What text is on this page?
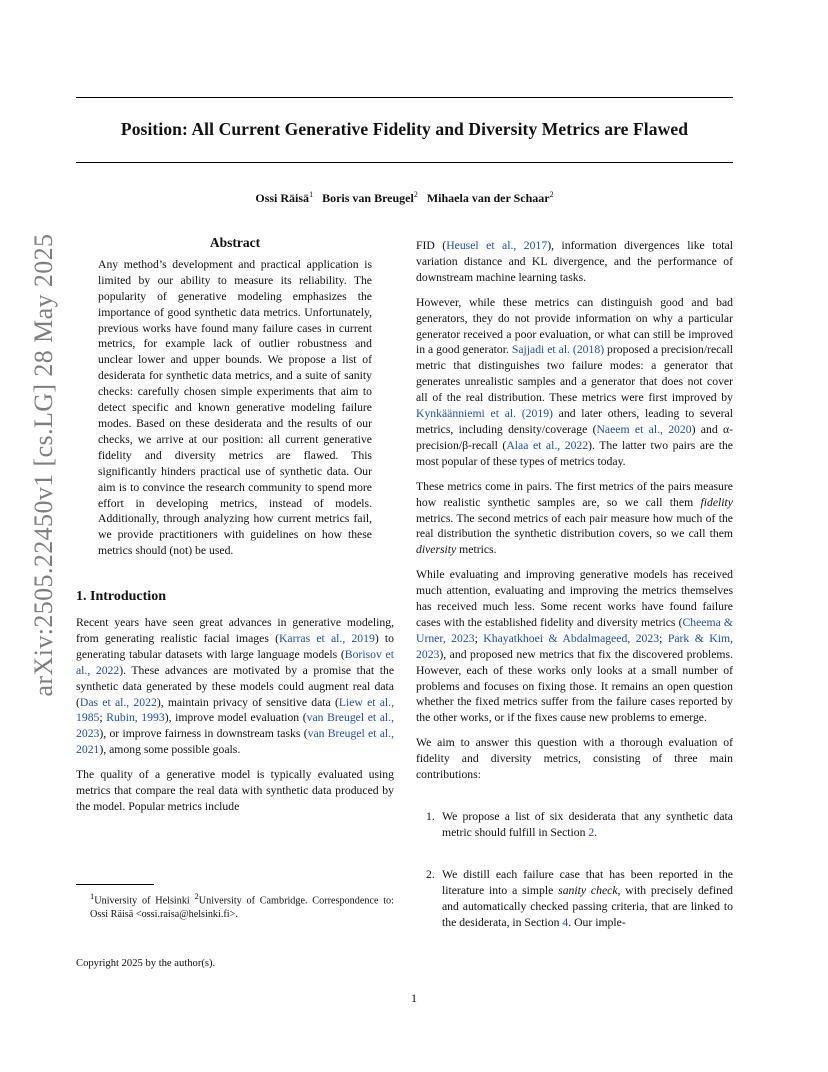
Position: All Current Generative Fidelity and Diversity Metrics are Flawed
Ossi Räisä$^1$ Boris van Breugel$^2$ Mihaela van der Schaar$^2$
arXiv:2505.22450v1 [cs.LG] 28 May 2025	Abstract
Any method’s development and practical application is limited by our ability to measure its reliability. The popularity of generative modeling emphasizes the importance of good synthetic data metrics. Unfortunately, previous works have found many failure cases in current metrics, for example lack of outlier robustness and unclear lower and upper bounds. We propose a list of desiderata for synthetic data metrics, and a suite of sanity checks: carefully chosen simple experiments that aim to detect specific and known generative modeling failure modes. Based on these desiderata and the results of our checks, we arrive at our position: all current generative fidelity and diversity metrics are flawed. This significantly hinders practical use of synthetic data. Our aim is to convince the research community to spend more effort in developing metrics, instead of models. Additionally, through analyzing how current metrics fail, we provide practitioners with guidelines on how these metrics should (not) be used.
1. Introduction

Recent years have seen great advances in generative modeling, from generating realistic facial images (Karras et al., 2019) to generating tabular datasets with large language models (Borisov et al., 2022). These advances are motivated by a promise that the synthetic data generated by these models could augment real data (Das et al., 2022), maintain privacy of sensitive data (Liew et al., 1985; Rubin, 1993), improve model evaluation (van Breugel et al., 2023), or improve fairness in downstream tasks (van Breugel et al., 2021), among some possible goals.

The quality of a generative model is typically evaluated using metrics that compare the real data with synthetic data produced by the model. Popular metrics include

$^1$University of Helsinki $^2$University of Cambridge. Correspondence to: Ossi Räisä <ossi.raisa@helsinki.fi>.
Copyright 2025 by the author(s).

FID (Heusel et al., 2017), information divergences like total variation distance and KL divergence, and the performance of downstream machine learning tasks.

However, while these metrics can distinguish good and bad generators, they do not provide information on why a particular generator received a poor evaluation, or what can still be improved in a good generator. Sajjadi et al. (2018) proposed a precision/recall metric that distinguishes two failure modes: a generator that generates unrealistic samples and a generator that does not cover all of the real distribution. These metrics were first improved by Kynkäänniemi et al. (2019) and later others, leading to several metrics, including density/coverage (Naeem et al., 2020) and α-precision/β-recall (Alaa et al., 2022). The latter two pairs are the most popular of these types of metrics today.

These metrics come in pairs. The first metrics of the pairs measure how realistic synthetic samples are, so we call them fidelity metrics. The second metrics of each pair measure how much of the real distribution the synthetic distribution covers, so we call them diversity metrics.

While evaluating and improving generative models has received much attention, evaluating and improving the metrics themselves has received much less. Some recent works have found failure cases with the established fidelity and diversity metrics (Cheema & Urner, 2023; Khayatkhoei & Abdalmageed, 2023; Park & Kim, 2023), and proposed new metrics that fix the discovered problems. However, each of these works only looks at a small number of problems and focuses on fixing those. It remains an open question whether the fixed metrics suffer from the failure cases reported by the other works, or if the fixes cause new problems to emerge.

We aim to answer this question with a thorough evaluation of fidelity and diversity metrics, consisting of three main contributions:

1. We propose a list of six desiderata that any synthetic data metric should fulfill in Section 2.
2. We distill each failure case that has been reported in the literature into a simple sanity check, with precisely defined and automatically checked passing criteria, that are linked to the desiderata, in Section 4. Our imple-
1
